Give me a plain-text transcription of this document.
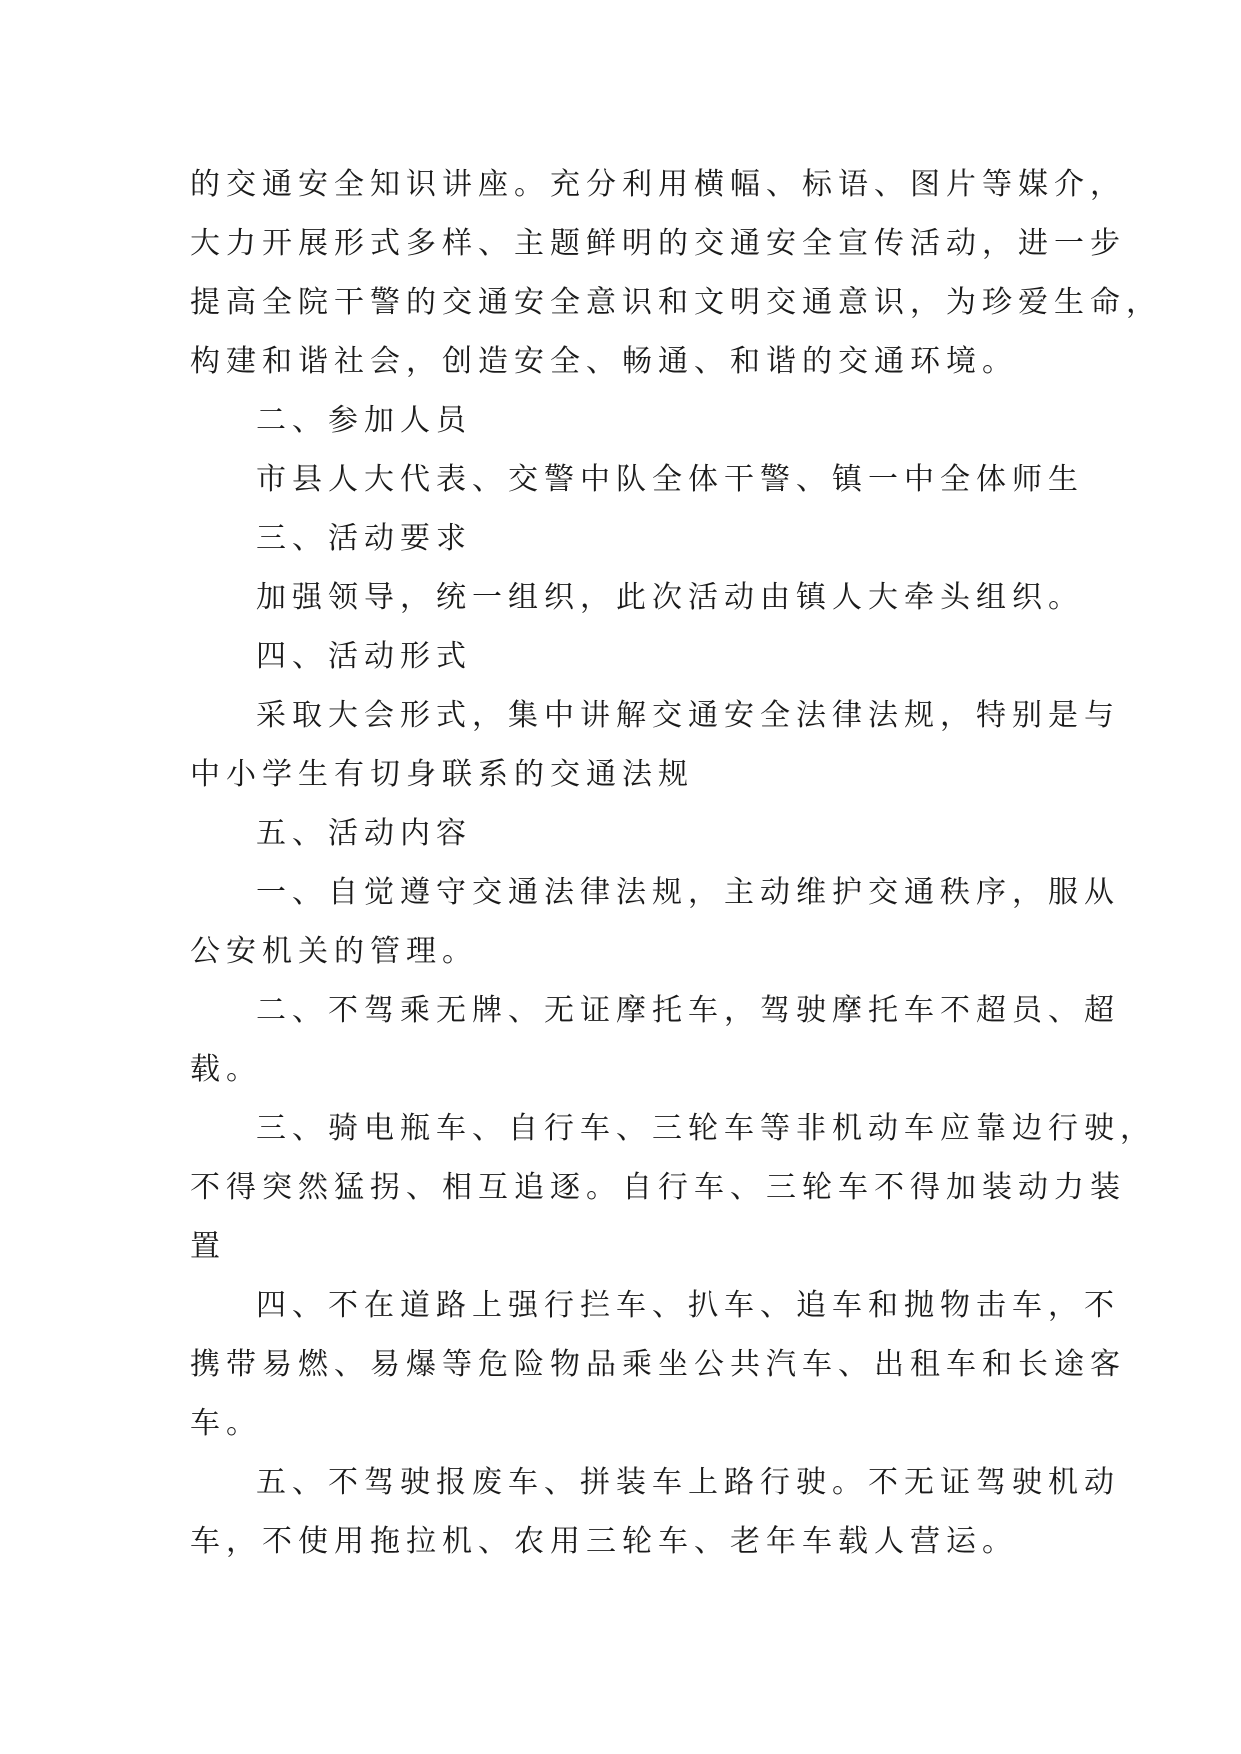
的交通安全知识讲座。充分利用横幅、标语、图片等媒介，
大力开展形式多样、主题鲜明的交通安全宣传活动，进一步
提高全院干警的交通安全意识和文明交通意识，为珍爱生命，
构建和谐社会，创造安全、畅通、和谐的交通环境。
二、参加人员
市县人大代表、交警中队全体干警、镇一中全体师生
三、活动要求
加强领导，统一组织，此次活动由镇人大牵头组织。
四、活动形式
采取大会形式，集中讲解交通安全法律法规，特别是与
中小学生有切身联系的交通法规
五、活动内容
一、自觉遵守交通法律法规，主动维护交通秩序，服从
公安机关的管理。
二、不驾乘无牌、无证摩托车，驾驶摩托车不超员、超
载。
三、骑电瓶车、自行车、三轮车等非机动车应靠边行驶，
不得突然猛拐、相互追逐。自行车、三轮车不得加装动力装
置
四、不在道路上强行拦车、扒车、追车和抛物击车，不
携带易燃、易爆等危险物品乘坐公共汽车、出租车和长途客
车。
五、不驾驶报废车、拼装车上路行驶。不无证驾驶机动
车，不使用拖拉机、农用三轮车、老年车载人营运。
